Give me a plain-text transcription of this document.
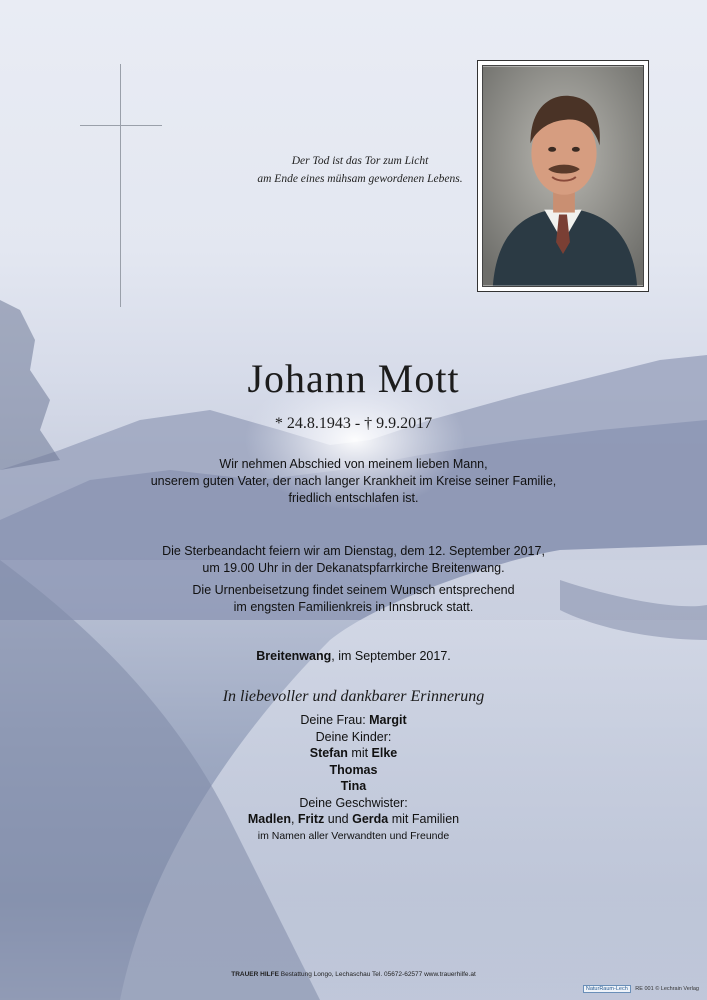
Der Tod ist das Tor zum Licht
am Ende eines mühsam gewordenen Lebens.
Johann Mott
* 24.8.1943 - † 9.9.2017
Wir nehmen Abschied von meinem lieben Mann,
unserem guten Vater, der nach langer Krankheit im Kreise seiner Familie,
friedlich entschlafen ist.
Die Sterbeandacht feiern wir am Dienstag, dem 12. September 2017,
um 19.00 Uhr in der Dekanatspfarrkirche Breitenwang.
Die Urnenbeisetzung findet seinem Wunsch entsprechend
im engsten Familienkreis in Innsbruck statt.
Breitenwang, im September 2017.
In liebevoller und dankbarer Erinnerung
Deine Frau: Margit
Deine Kinder:
Stefan mit Elke
Thomas
Tina
Deine Geschwister:
Madlen, Fritz und Gerda mit Familien
im Namen aller Verwandten und Freunde
TRAUER HILFE Bestattung Longo, Lechaschau Tel. 05672-62577 www.trauerhilfe.at
NaturRaum-Lech RE 001 © Lechrain Verlag
